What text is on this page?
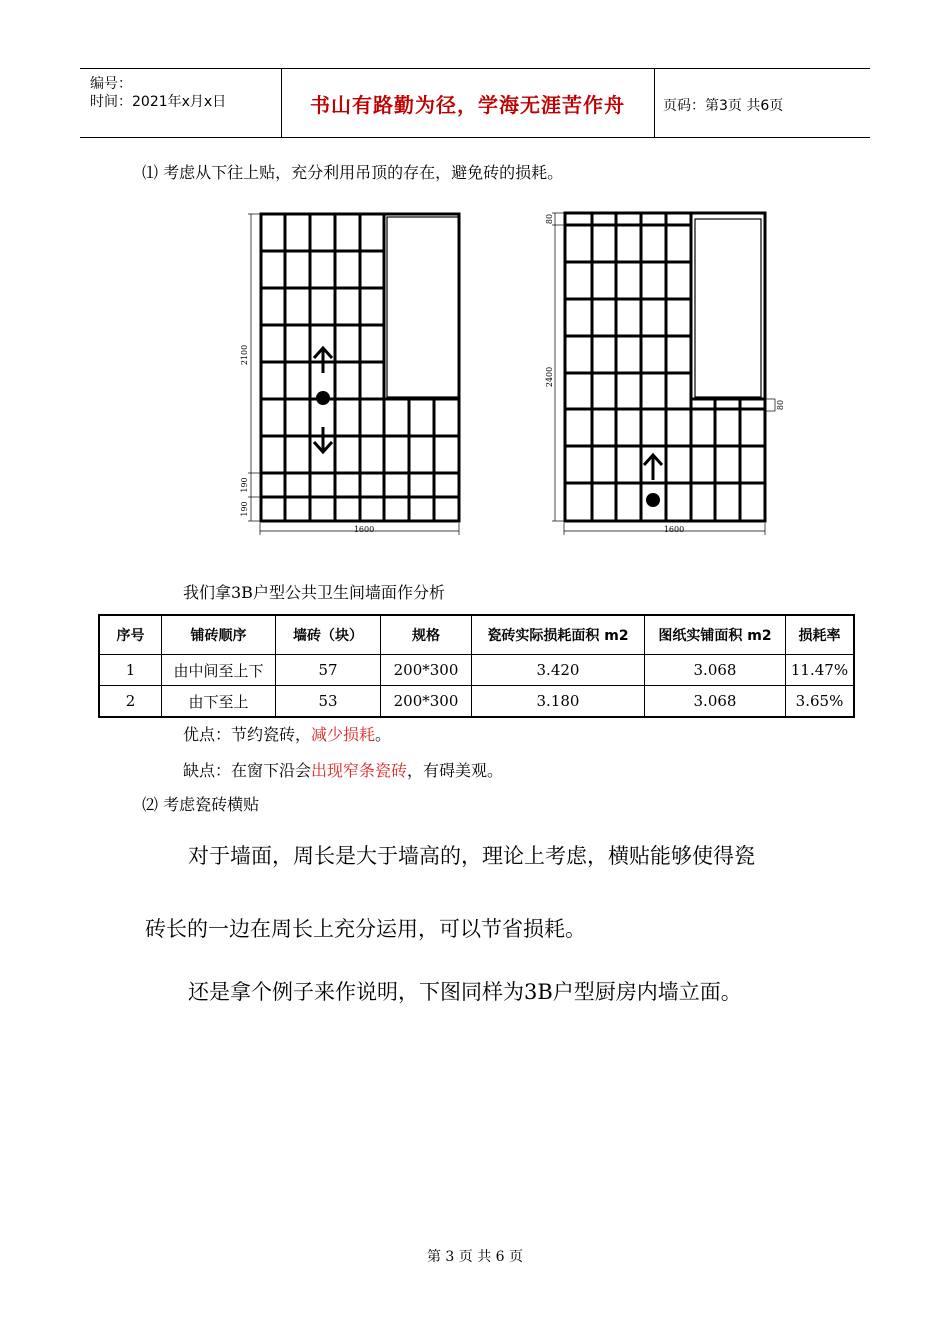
编号：
时间：2021年x月x日	书山有路勤为径，学海无涯苦作舟	页码：第3页 共6页
⑴ 考虑从下往上贴，充分利用吊顶的存在，避免砖的损耗。
2100
190
190
1600
80
2400
80
1600
我们拿3B户型公共卫生间墙面作分析
序号	铺砖顺序	墙砖（块）	规格	瓷砖实际损耗面积 m2	图纸实铺面积 m2	损耗率
1	由中间至上下	57	200*300	3.420	3.068	11.47%
2	由下至上	53	200*300	3.180	3.068	3.65%
优点：节约瓷砖，减少损耗。
缺点：在窗下沿会出现窄条瓷砖，有碍美观。
⑵ 考虑瓷砖横贴
对于墙面，周长是大于墙高的，理论上考虑，横贴能够使得瓷
砖长的一边在周长上充分运用，可以节省损耗。
还是拿个例子来作说明，下图同样为3B户型厨房内墙立面。
第 3 页 共 6 页
